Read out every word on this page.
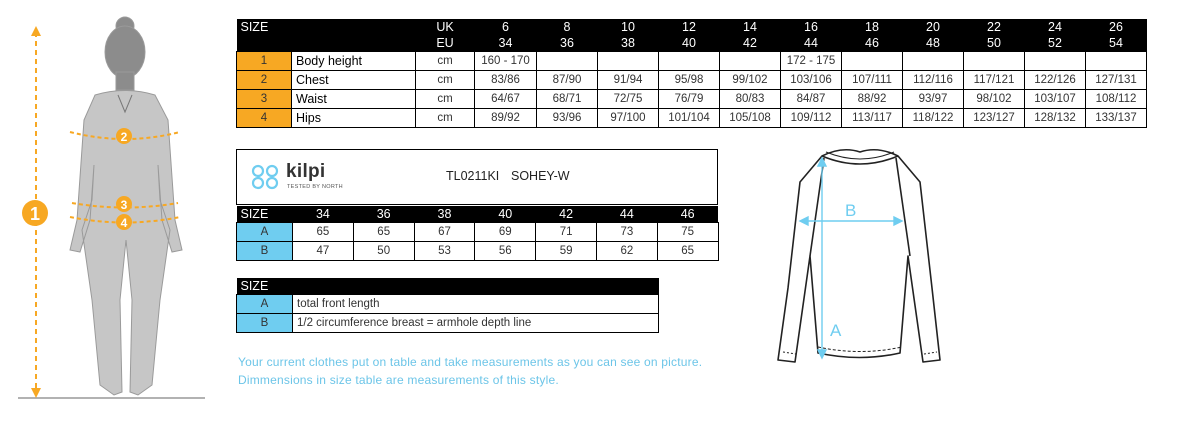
1
2
3
4
SIZE		UK	6	8	10	12	14	16	18	20	22	24	26
		EU	34	36	38	40	42	44	46	48	50	52	54
1	Body height	cm	160 - 170					172 - 175					
2	Chest	cm	83/86	87/90	91/94	95/98	99/102	103/106	107/111	112/116	117/121	122/126	127/131
3	Waist	cm	64/67	68/71	72/75	76/79	80/83	84/87	88/92	93/97	98/102	103/107	108/112
4	Hips	cm	89/92	93/96	97/100	101/104	105/108	109/112	113/117	118/122	123/127	128/132	133/137
kilpi
TESTED BY NORTH
TL0211KI SOHEY-W
SIZE	34	36	38	40	42	44	46
A	65	65	67	69	71	73	75
B	47	50	53	56	59	62	65
SIZE	
A	total front length
B	1/2 circumference breast = armhole depth line
Your current clothes put on table and take measurements as you can see on picture.
Dimmensions in size table are measurements of this style.
A
B
